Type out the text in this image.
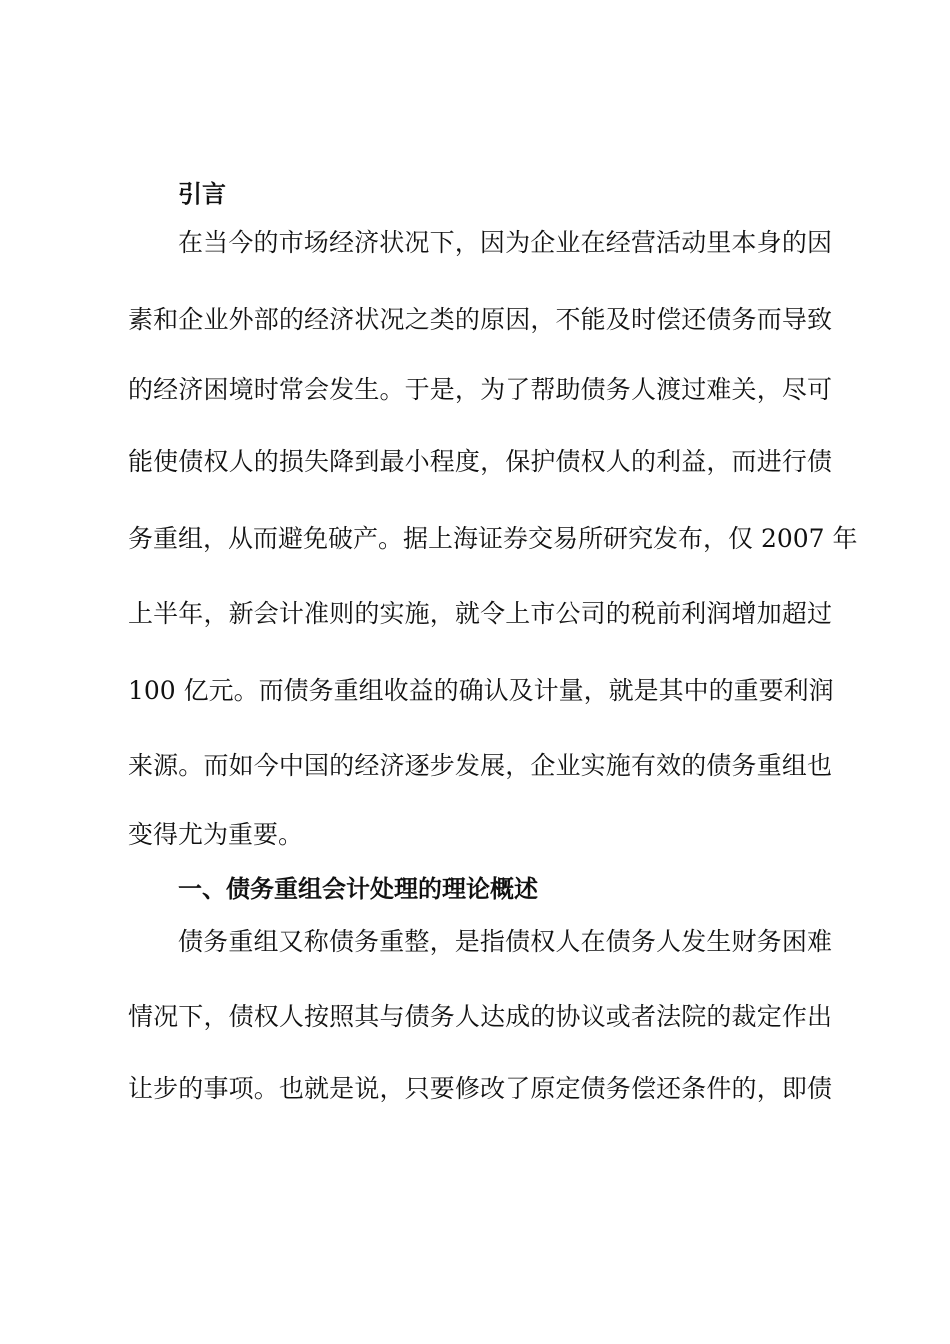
引言
在当今的市场经济状况下，因为企业在经营活动里本身的因
素和企业外部的经济状况之类的原因，不能及时偿还债务而导致
的经济困境时常会发生。于是，为了帮助债务人渡过难关，尽可
能使债权人的损失降到最小程度，保护债权人的利益，而进行债
务重组，从而避免破产。据上海证券交易所研究发布，仅 2007 年
上半年，新会计准则的实施，就令上市公司的税前利润增加超过
100 亿元。而债务重组收益的确认及计量，就是其中的重要利润
来源。而如今中国的经济逐步发展，企业实施有效的债务重组也
变得尤为重要。
一、债务重组会计处理的理论概述
债务重组又称债务重整，是指债权人在债务人发生财务困难
情况下，债权人按照其与债务人达成的协议或者法院的裁定作出
让步的事项。也就是说，只要修改了原定债务偿还条件的，即债
